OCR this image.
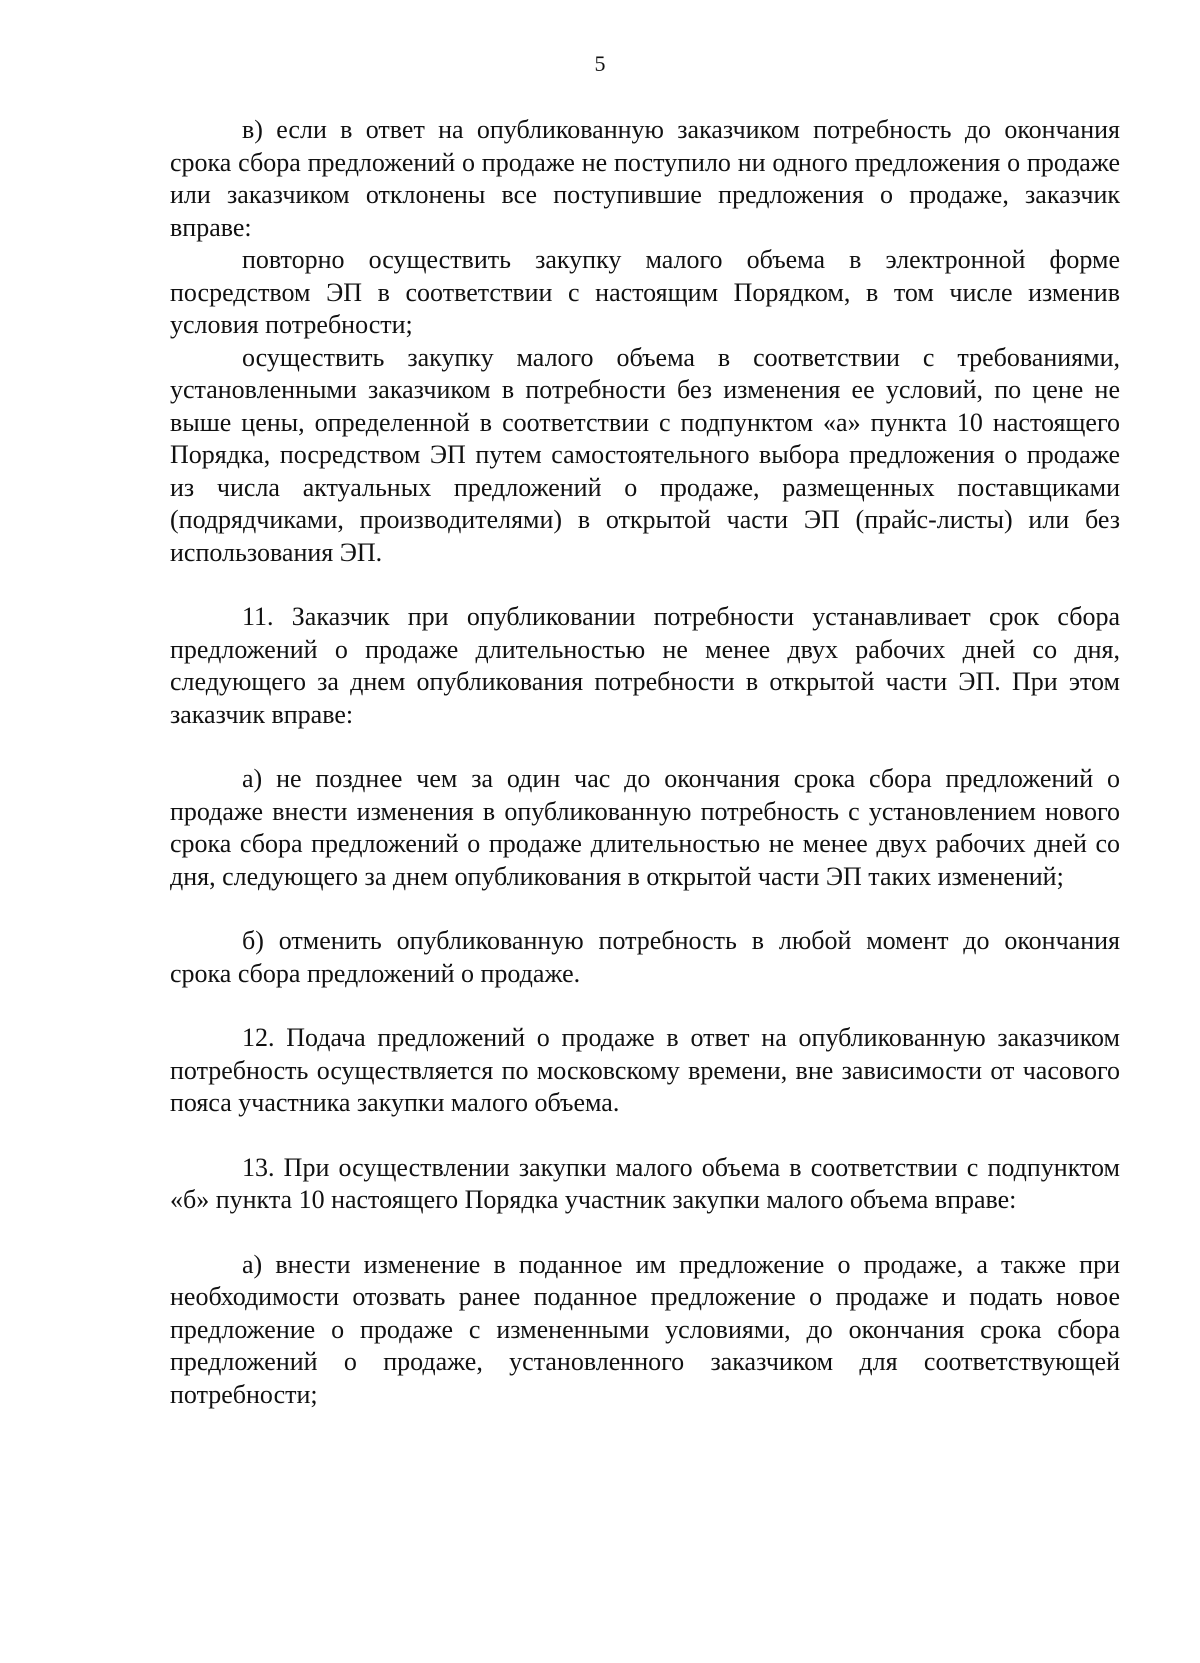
5

в) если в ответ на опубликованную заказчиком потребность до окончания срока сбора предложений о продаже не поступило ни одного предложения о продаже или заказчиком отклонены все поступившие предложения о продаже, заказчик вправе:

повторно осуществить закупку малого объема в электронной форме посредством ЭП в соответствии с настоящим Порядком, в том числе изменив условия потребности;

осуществить закупку малого объема в соответствии с требованиями, установленными заказчиком в потребности без изменения ее условий, по цене не выше цены, определенной в соответствии с подпунктом «а» пункта 10 настоящего Порядка, посредством ЭП путем самостоятельного выбора предложения о продаже из числа актуальных предложений о продаже, размещенных поставщиками (подрядчиками, производителями) в открытой части ЭП (прайс-листы) или без использования ЭП.

11. Заказчик при опубликовании потребности устанавливает срок сбора предложений о продаже длительностью не менее двух рабочих дней со дня, следующего за днем опубликования потребности в открытой части ЭП. При этом заказчик вправе:

а) не позднее чем за один час до окончания срока сбора предложений о продаже внести изменения в опубликованную потребность с установлением нового срока сбора предложений о продаже длительностью не менее двух рабочих дней со дня, следующего за днем опубликования в открытой части ЭП таких изменений;

б) отменить опубликованную потребность в любой момент до окончания срока сбора предложений о продаже.

12. Подача предложений о продаже в ответ на опубликованную заказчиком потребность осуществляется по московскому времени, вне зависимости от часового пояса участника закупки малого объема.

13. При осуществлении закупки малого объема в соответствии с подпунктом «б» пункта 10 настоящего Порядка участник закупки малого объема вправе:

а) внести изменение в поданное им предложение о продаже, а также при необходимости отозвать ранее поданное предложение о продаже и подать новое предложение о продаже с измененными условиями, до окончания срока сбора предложений о продаже, установленного заказчиком для соответствующей потребности;
